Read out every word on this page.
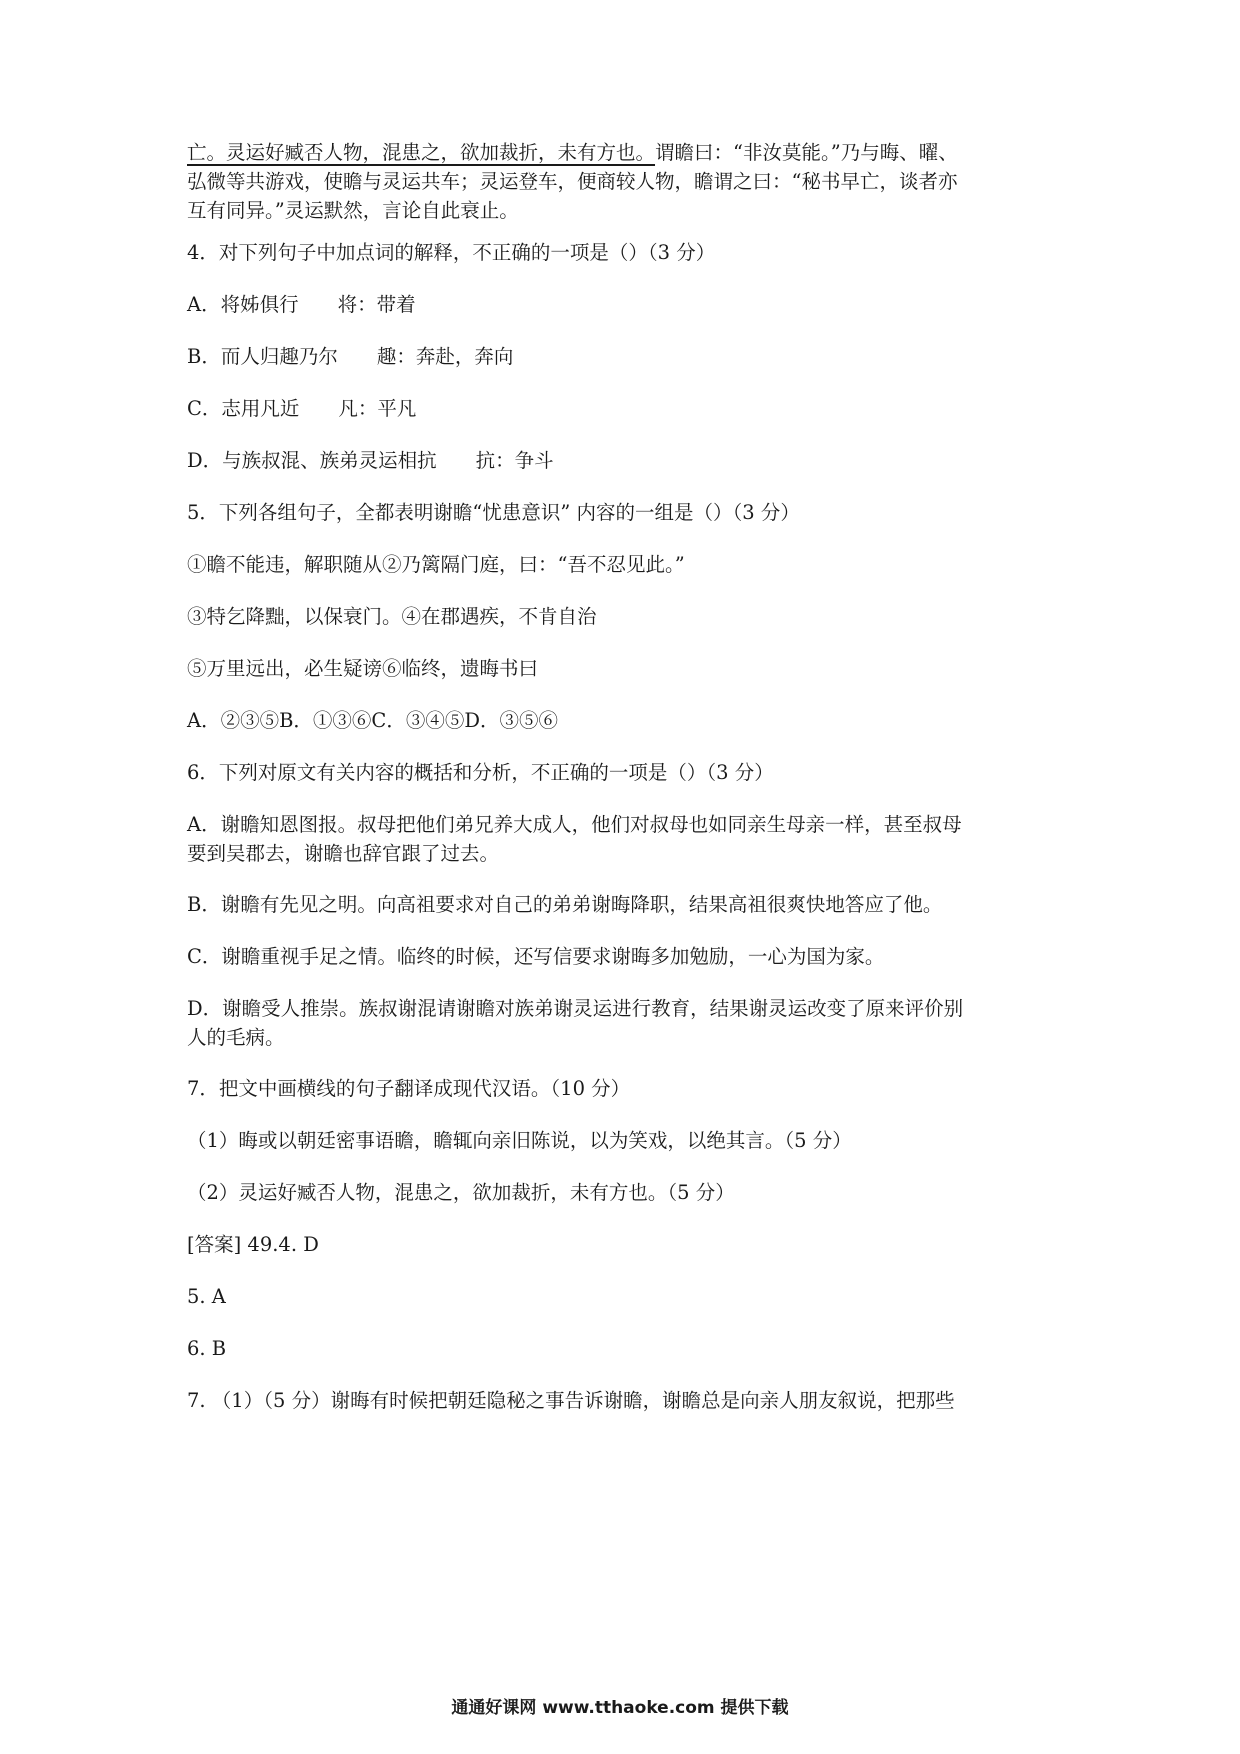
亡。灵运好臧否人物，混患之，欲加裁折，未有方也。谓瞻曰：“非汝莫能。”乃与晦、曜、
弘微等共游戏，使瞻与灵运共车；灵运登车，便商较人物，瞻谓之曰：“秘书早亡，谈者亦
互有同异。”灵运默然，言论自此衰止。
4．对下列句子中加点词的解释，不正确的一项是（）（3 分）
A．将姊俱行　　将：带着
B．而人归趣乃尔　　趣：奔赴，奔向
C．志用凡近　　凡：平凡
D．与族叔混、族弟灵运相抗　　抗：争斗
5．下列各组句子，全都表明谢瞻“忧患意识” 内容的一组是（）（3 分）
①瞻不能违，解职随从②乃篱隔门庭，曰：“吾不忍见此。”
③特乞降黜，以保衰门。④在郡遇疾，不肯自治
⑤万里远出，必生疑谤⑥临终，遗晦书曰
A．②③⑤B．①③⑥C．③④⑤D．③⑤⑥
6．下列对原文有关内容的概括和分析，不正确的一项是（）（3 分）
A．谢瞻知恩图报。叔母把他们弟兄养大成人，他们对叔母也如同亲生母亲一样，甚至叔母
要到吴郡去，谢瞻也辞官跟了过去。
B．谢瞻有先见之明。向高祖要求对自己的弟弟谢晦降职，结果高祖很爽快地答应了他。
C．谢瞻重视手足之情。临终的时候，还写信要求谢晦多加勉励，一心为国为家。
D．谢瞻受人推崇。族叔谢混请谢瞻对族弟谢灵运进行教育，结果谢灵运改变了原来评价别
人的毛病。
7．把文中画横线的句子翻译成现代汉语。（10 分）
（1）晦或以朝廷密事语瞻，瞻辄向亲旧陈说，以为笑戏，以绝其言。（5 分）
（2）灵运好臧否人物，混患之，欲加裁折，未有方也。（5 分）
[答案] 49.4. D
5. A
6. B
7. （1）（5 分）谢晦有时候把朝廷隐秘之事告诉谢瞻，谢瞻总是向亲人朋友叙说，把那些
通通好课网 www.tthaoke.com 提供下载
